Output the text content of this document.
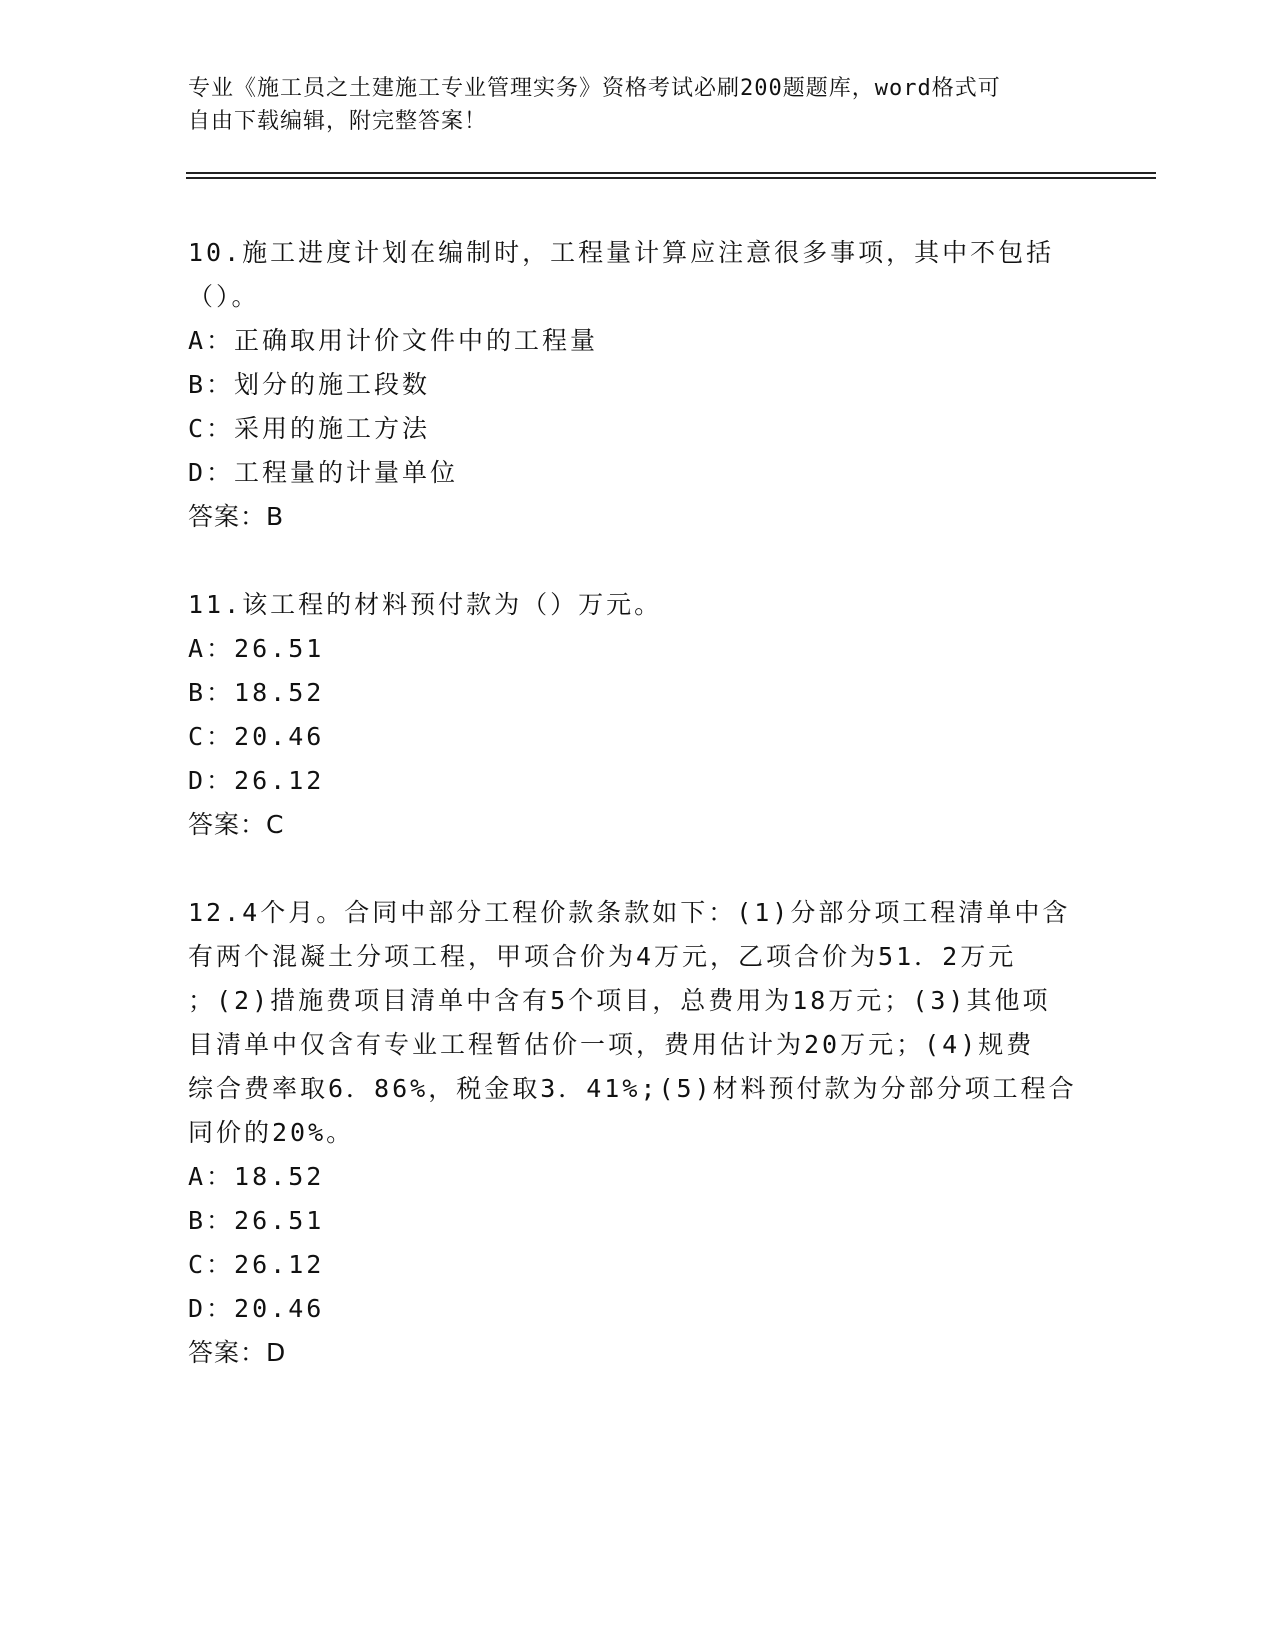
专业《施工员之土建施工专业管理实务》资格考试必刷200题题库，word格式可
自由下载编辑，附完整答案！
10.施工进度计划在编制时，工程量计算应注意很多事项，其中不包括
（）。
A：正确取用计价文件中的工程量
B：划分的施工段数
C：采用的施工方法
D：工程量的计量单位
答案：B
11.该工程的材料预付款为（）万元。
A：26.51
B：18.52
C：20.46
D：26.12
答案：C
12.4个月。合同中部分工程价款条款如下：(1)分部分项工程清单中含
有两个混凝土分项工程，甲项合价为4万元，乙项合价为51．2万元
；(2)措施费项目清单中含有5个项目，总费用为18万元；(3)其他项
目清单中仅含有专业工程暂估价一项，费用估计为20万元；(4)规费
综合费率取6．86%，税金取3．41%;(5)材料预付款为分部分项工程合
同价的20%。
A：18.52
B：26.51
C：26.12
D：20.46
答案：D
